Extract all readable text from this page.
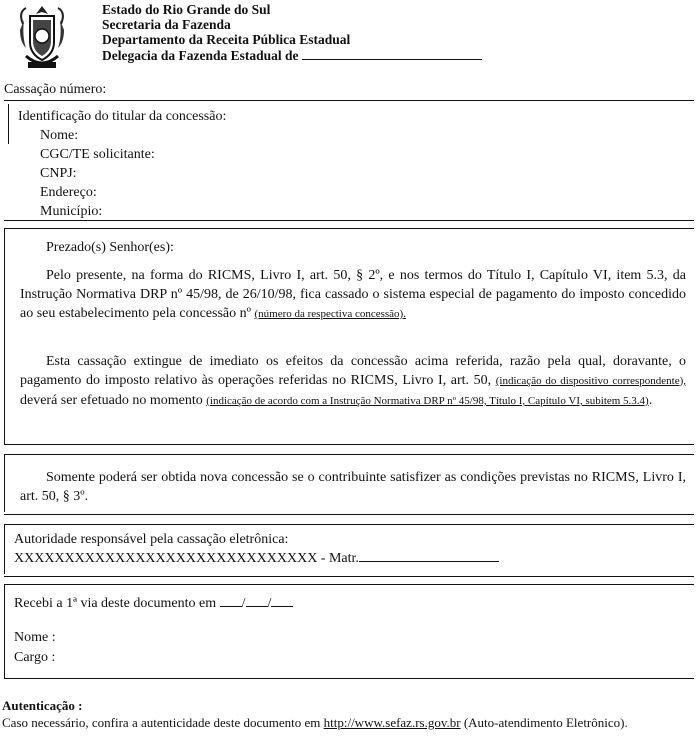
Estado do Rio Grande do Sul
Secretaria da Fazenda
Departamento da Receita Pública Estadual
Delegacia da Fazenda Estadual de
Cassação número:
Identificação do titular da concessão:
Nome:
CGC/TE solicitante:
CNPJ:
Endereço:
Município:
Prezado(s) Senhor(es):
Pelo presente, na forma do RICMS, Livro I, art. 50, § 2º, e nos termos do Título I, Capítulo VI, item 5.3, da Instrução Normativa DRP nº 45/98, de 26/10/98, fica cassado o sistema especial de pagamento do imposto concedido ao seu estabelecimento pela concessão nº (número da respectiva concessão).
Esta cassação extingue de imediato os efeitos da concessão acima referida, razão pela qual, doravante, o pagamento do imposto relativo às operações referidas no RICMS, Livro I, art. 50, (indicação do dispositivo correspondente), deverá ser efetuado no momento (indicação de acordo com a Instrução Normativa DRP nº 45/98, Título I, Capítulo VI, subitem 5.3.4).
Somente poderá ser obtida nova concessão se o contribuinte satisfizer as condições previstas no RICMS, Livro I, art. 50, § 3º.
Autoridade responsável pela cassação eletrônica:
XXXXXXXXXXXXXXXXXXXXXXXXXXXXXX - Matr.
Recebi a 1ª via deste documento em / /
Nome :
Cargo :
Autenticação :
Caso necessário, confira a autenticidade deste documento em http://www.sefaz.rs.gov.br (Auto-atendimento Eletrônico).
